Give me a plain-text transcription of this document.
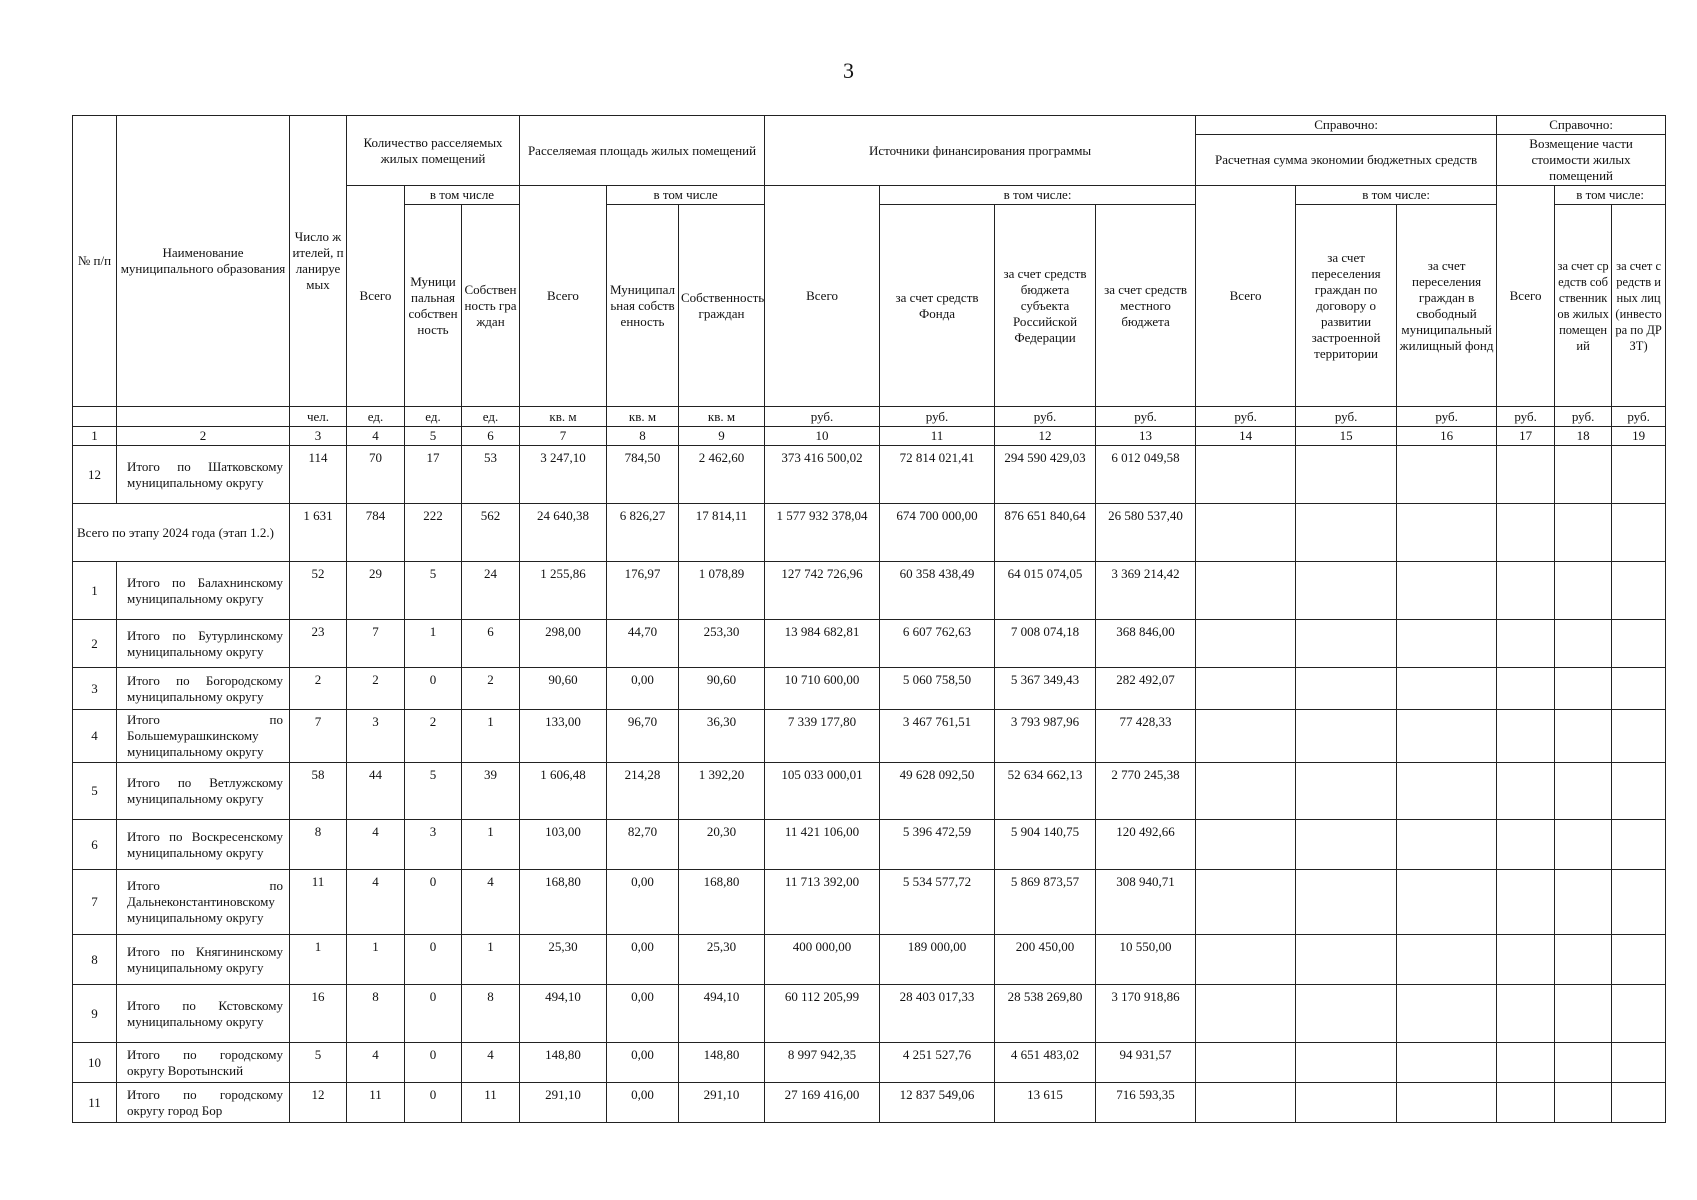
3
№ п/п	Наименование муниципального образования	Число жителей, планируемых	Количество расселяемых жилых помещений			Расселяемая площадь жилых помещений			Источники финансирования программы				Справочно:			Справочно:		
													Расчетная сумма экономии бюджетных средств			Возмещение части стоимости жилых помещений		
			Всего	в том числе		Всего	в том числе		Всего	в том числе:			Всего	в том числе:		Всего	в том числе:	
				Муниципальная собственность	Собственность граждан		Муниципальная собственность	Собственность граждан		за счет средств Фонда	за счет средств бюджета субъекта Российской Федерации	за счет средств местного бюджета		за счет переселения граждан по договору о развитии застроенной территории	за счет переселения граждан в свободный муниципальный жилищный фонд		за счет средств собственников жилых помещений	за счет средств иных лиц (инвестора по ДРЗТ)
		чел.	ед.	ед.	ед.	кв. м	кв. м	кв. м	руб.	руб.	руб.	руб.	руб.	руб.	руб.	руб.	руб.	руб.
1	2	3	4	5	6	7	8	9	10	11	12	13	14	15	16	17	18	19
12	Итого по Шатковскому муниципальному округу	114	70	17	53	3 247,10	784,50	2 462,60	373 416 500,02	72 814 021,41	294 590 429,03	6 012 049,58						
Всего по этапу 2024 года (этап 1.2.)		1 631	784	222	562	24 640,38	6 826,27	17 814,11	1 577 932 378,04	674 700 000,00	876 651 840,64	26 580 537,40						
1	Итого по Балахнинскому муниципальному округу	52	29	5	24	1 255,86	176,97	1 078,89	127 742 726,96	60 358 438,49	64 015 074,05	3 369 214,42						
2	Итого по Бутурлинскому муниципальному округу	23	7	1	6	298,00	44,70	253,30	13 984 682,81	6 607 762,63	7 008 074,18	368 846,00						
3	Итого по Богородскому муниципальному округу	2	2	0	2	90,60	0,00	90,60	10 710 600,00	5 060 758,50	5 367 349,43	282 492,07						
4	Итого по Большемурашкинскому муниципальному округу	7	3	2	1	133,00	96,70	36,30	7 339 177,80	3 467 761,51	3 793 987,96	77 428,33						
5	Итого по Ветлужскому муниципальному округу	58	44	5	39	1 606,48	214,28	1 392,20	105 033 000,01	49 628 092,50	52 634 662,13	2 770 245,38						
6	Итого по Воскресенскому муниципальному округу	8	4	3	1	103,00	82,70	20,30	11 421 106,00	5 396 472,59	5 904 140,75	120 492,66						
7	Итого по Дальнеконстантиновскому муниципальному округу	11	4	0	4	168,80	0,00	168,80	11 713 392,00	5 534 577,72	5 869 873,57	308 940,71						
8	Итого по Княгининскому муниципальному округу	1	1	0	1	25,30	0,00	25,30	400 000,00	189 000,00	200 450,00	10 550,00						
9	Итого по Кстовскому муниципальному округу	16	8	0	8	494,10	0,00	494,10	60 112 205,99	28 403 017,33	28 538 269,80	3 170 918,86						
10	Итого по городскому округу Воротынский	5	4	0	4	148,80	0,00	148,80	8 997 942,35	4 251 527,76	4 651 483,02	94 931,57						
11	Итого по городскому округу город Бор	12	11	0	11	291,10	0,00	291,10	27 169 416,00	12 837 549,06	13 615	716 593,35						
